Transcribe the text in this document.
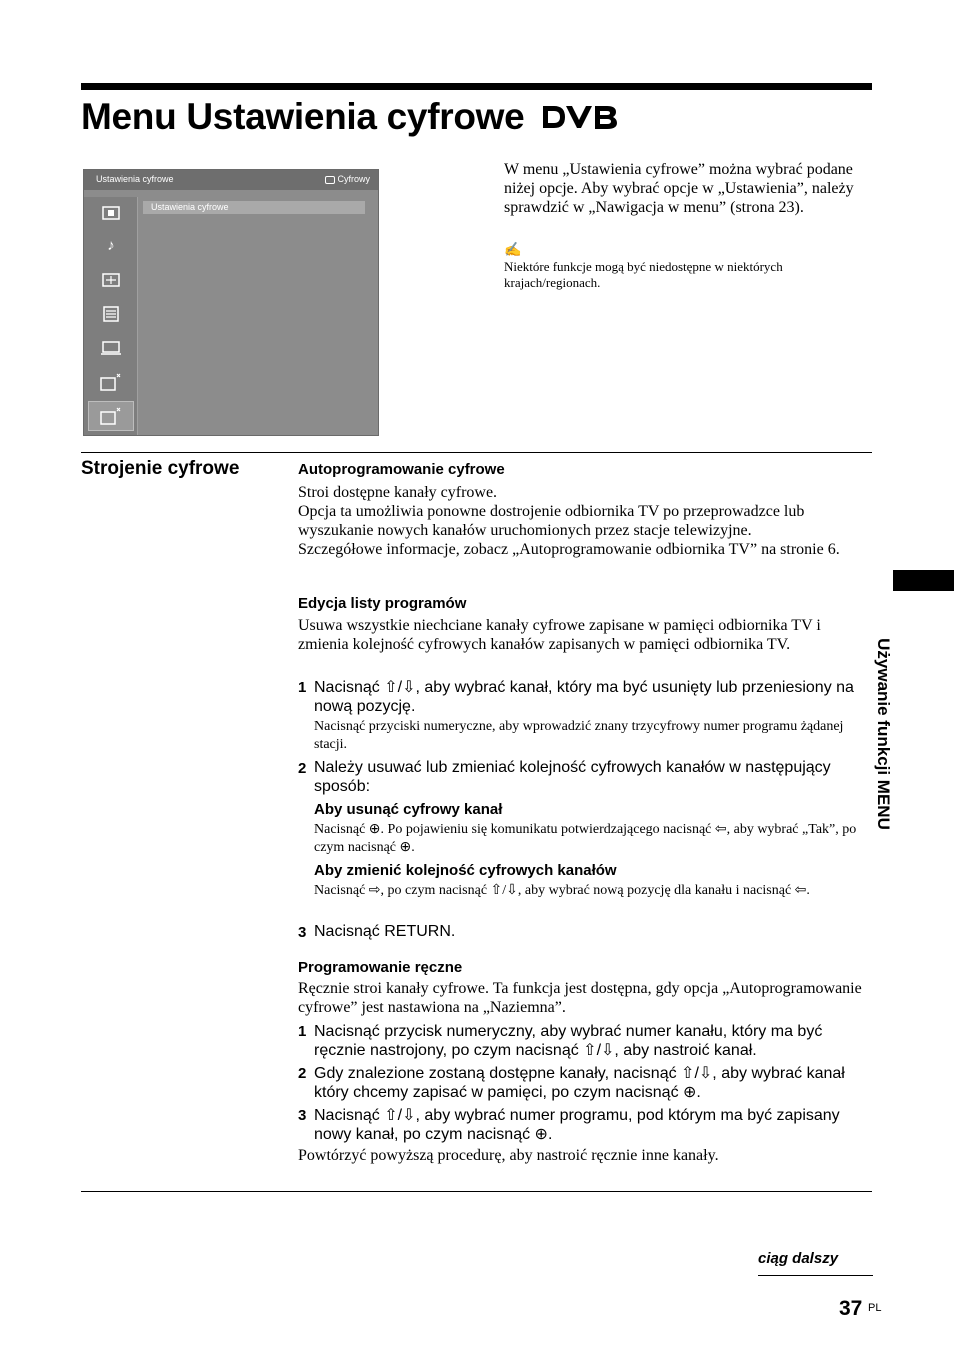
Menu Ustawienia cyfrowe
Ustawienia cyfrowe	Cyfrowy
♪
Ustawienia cyfrowe
W menu „Ustawienia cyfrowe” można wybrać podane niżej opcje. Aby wybrać opcje w „Ustawienia”, należy sprawdzić w „Nawigacja w menu” (strona 23).
✍
Niektóre funkcje mogą być niedostępne w niektórych krajach/regionach.
Strojenie cyfrowe	Autoprogramowanie cyfrowe
Stroi dostępne kanały cyfrowe.
Opcja ta umożliwia ponowne dostrojenie odbiornika TV po przeprowadzce lub wyszukanie nowych kanałów uruchomionych przez stacje telewizyjne.
Szczegółowe informacje, zobacz „Autoprogramowanie odbiornika TV” na stronie 6.
Edycja listy programów
Usuwa wszystkie niechciane kanały cyfrowe zapisane w pamięci odbiornika TV i zmienia kolejność cyfrowych kanałów zapisanych w pamięci odbiornika TV.
1 Nacisnąć ⇧/⇩, aby wybrać kanał, który ma być usunięty lub przeniesiony na nową pozycję.
Nacisnąć przyciski numeryczne, aby wprowadzić znany trzycyfrowy numer programu żądanej stacji.
2 Należy usuwać lub zmieniać kolejność cyfrowych kanałów w następujący sposób:
Aby usunąć cyfrowy kanał
Nacisnąć ⊕. Po pojawieniu się komunikatu potwierdzającego nacisnąć ⇦, aby wybrać „Tak”, po czym nacisnąć ⊕.
Aby zmienić kolejność cyfrowych kanałów
Nacisnąć ⇨, po czym nacisnąć ⇧/⇩, aby wybrać nową pozycję dla kanału i nacisnąć ⇦.
3 Nacisnąć RETURN.
Programowanie ręczne
Ręcznie stroi kanały cyfrowe. Ta funkcja jest dostępna, gdy opcja „Autoprogramowanie cyfrowe” jest nastawiona na „Naziemna”.
1 Nacisnąć przycisk numeryczny, aby wybrać numer kanału, który ma być ręcznie nastrojony, po czym nacisnąć ⇧/⇩, aby nastroić kanał.
2 Gdy znalezione zostaną dostępne kanały, nacisnąć ⇧/⇩, aby wybrać kanał który chcemy zapisać w pamięci, po czym nacisnąć ⊕.
3 Nacisnąć ⇧/⇩, aby wybrać numer programu, pod którym ma być zapisany nowy kanał, po czym nacisnąć ⊕.
Powtórzyć powyższą procedurę, aby nastroić ręcznie inne kanały.
Używanie funkcji MENU
ciąg dalszy
37 PL
